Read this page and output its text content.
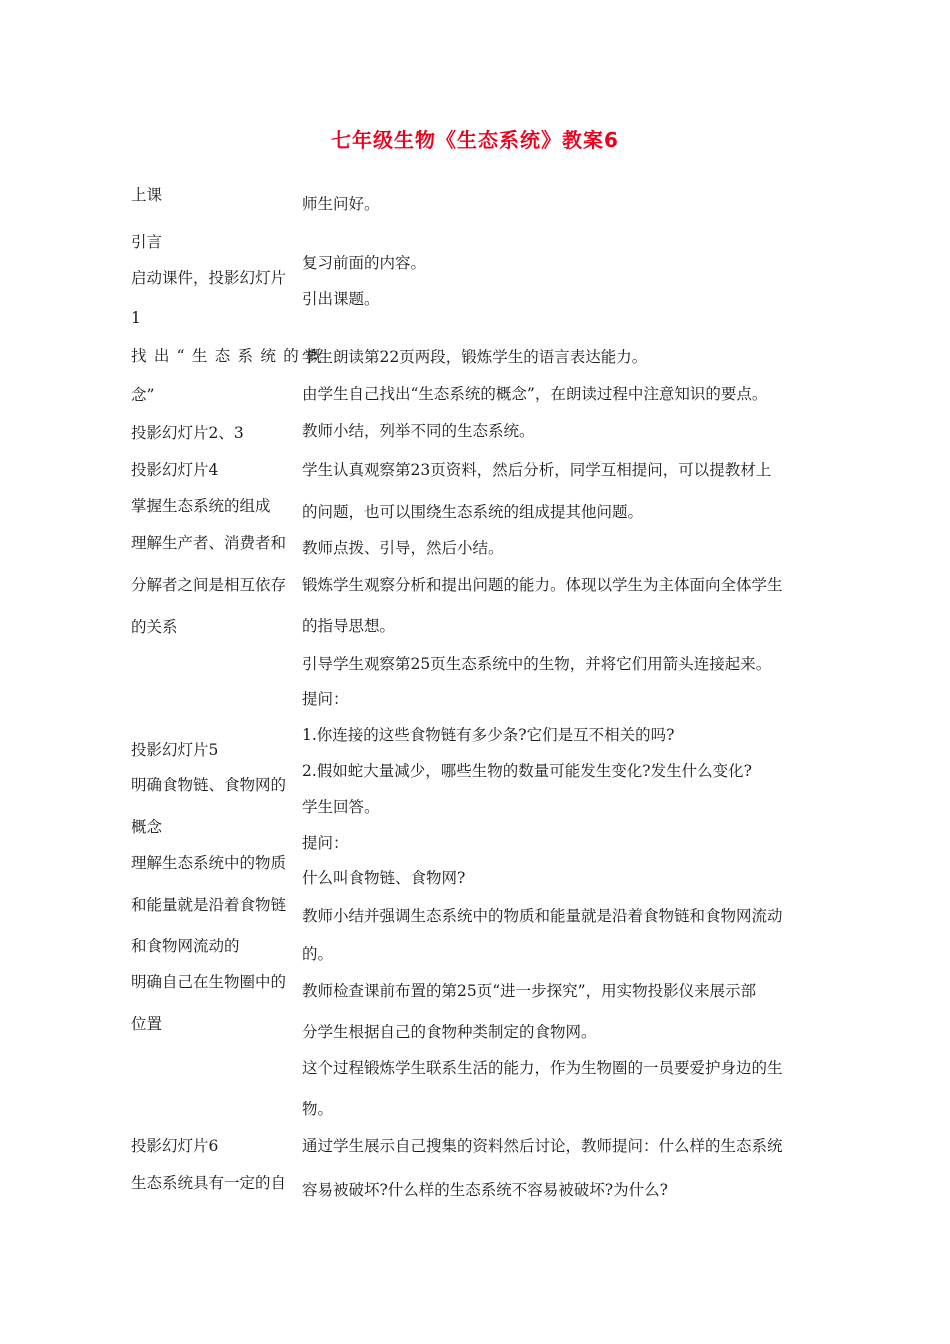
七年级生物《生态系统》教案6
上课
引言
启动课件，投影幻灯片
1
找 出 “ 生 态 系 统 的 概
念”
投影幻灯片2、3
投影幻灯片4
掌握生态系统的组成
理解生产者、消费者和
分解者之间是相互依存
的关系
投影幻灯片5
明确食物链、食物网的
概念
理解生态系统中的物质
和能量就是沿着食物链
和食物网流动的
明确自己在生物圈中的
位置
投影幻灯片6
生态系统具有一定的自
师生问好。
复习前面的内容。
引出课题。
学生朗读第22页两段，锻炼学生的语言表达能力。
由学生自己找出“生态系统的概念”，在朗读过程中注意知识的要点。
教师小结，列举不同的生态系统。
学生认真观察第23页资料，然后分析，同学互相提问，可以提教材上
的问题，也可以围绕生态系统的组成提其他问题。
教师点拨、引导，然后小结。
锻炼学生观察分析和提出问题的能力。体现以学生为主体面向全体学生
的指导思想。
引导学生观察第25页生态系统中的生物，并将它们用箭头连接起来。
提问：
1.你连接的这些食物链有多少条?它们是互不相关的吗?
2.假如蛇大量减少，哪些生物的数量可能发生变化?发生什么变化?
学生回答。
提问：
什么叫食物链、食物网?
教师小结并强调生态系统中的物质和能量就是沿着食物链和食物网流动
的。
教师检查课前布置的第25页“进一步探究”，用实物投影仪来展示部
分学生根据自己的食物种类制定的食物网。
这个过程锻炼学生联系生活的能力，作为生物圈的一员要爱护身边的生
物。
通过学生展示自己搜集的资料然后讨论，教师提问：什么样的生态系统
容易被破坏?什么样的生态系统不容易被破坏?为什么?
